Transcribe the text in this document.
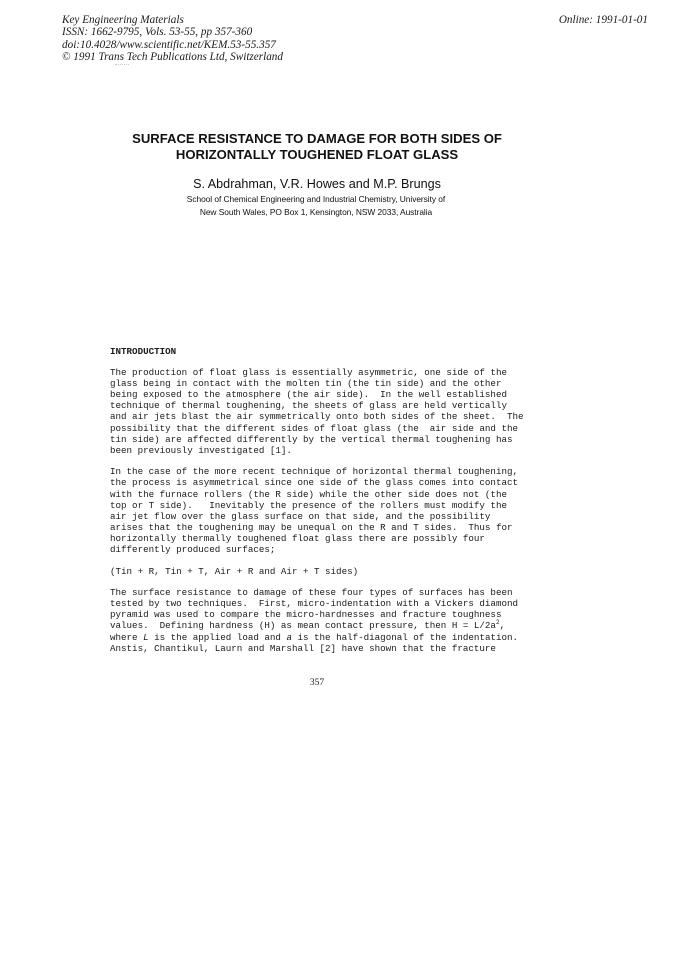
Key Engineering Materials
ISSN: 1662-9795, Vols. 53-55, pp 357-360
doi:10.4028/www.scientific.net/KEM.53-55.357
© 1991 Trans Tech Publications Ltd, Switzerland
Online: 1991-01-01
SURFACE RESISTANCE TO DAMAGE FOR BOTH SIDES OF
HORIZONTALLY TOUGHENED FLOAT GLASS
S. Abdrahman, V.R. Howes and M.P. Brungs
School of Chemical Engineering and Industrial Chemistry, University of
New South Wales, PO Box 1, Kensington, NSW 2033, Australia
INTRODUCTION
The production of float glass is essentially asymmetric, one side of the
glass being in contact with the molten tin (the tin side) and the other
being exposed to the atmosphere (the air side).  In the well established
technique of thermal toughening, the sheets of glass are held vertically
and air jets blast the air symmetrically onto both sides of the sheet.  The
possibility that the different sides of float glass (the  air side and the
tin side) are affected differently by the vertical thermal toughening has
been previously investigated [1].
In the case of the more recent technique of horizontal thermal toughening,
the process is asymmetrical since one side of the glass comes into contact
with the furnace rollers (the R side) while the other side does not (the
top or T side).   Inevitably the presence of the rollers must modify the
air jet flow over the glass surface on that side, and the possibility
arises that the toughening may be unequal on the R and T sides.  Thus for
horizontally thermally toughened float glass there are possibly four
differently produced surfaces;
(Tin + R, Tin + T, Air + R and Air + T sides)
The surface resistance to damage of these four types of surfaces has been
tested by two techniques.  First, micro-indentation with a Vickers diamond
pyramid was used to compare the micro-hardnesses and fracture toughness
values.  Defining hardness (H) as mean contact pressure, then $H = L/2a^2$,
where L is the applied load and a is the half-diagonal of the indentation.
Anstis, Chantikul, Laurn and Marshall [2] have shown that the fracture
357
